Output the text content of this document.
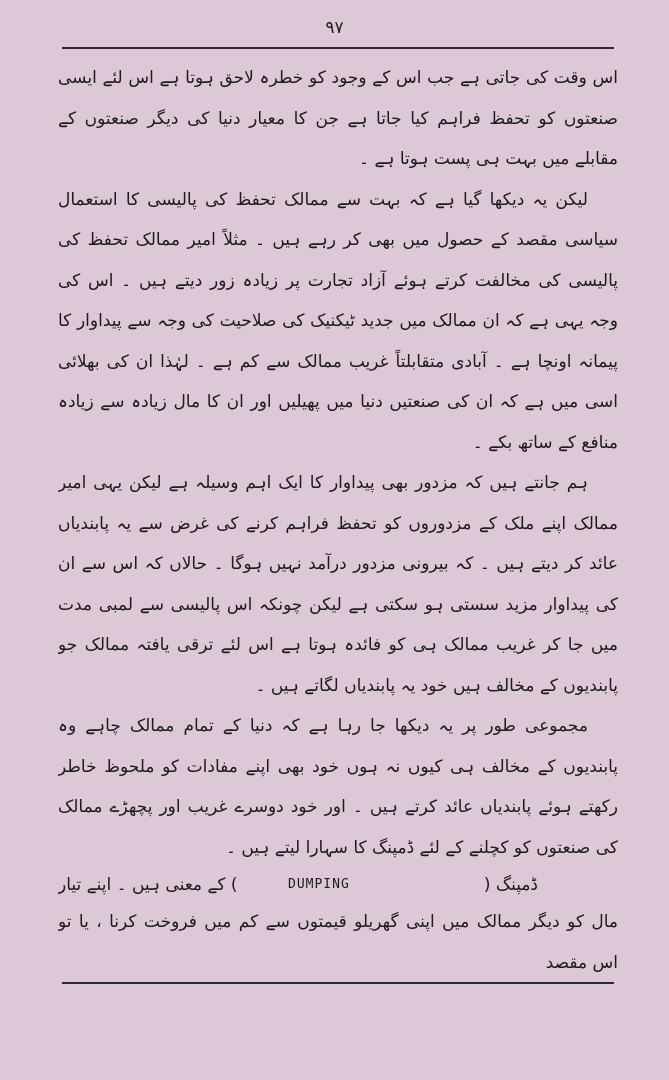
۹۷

اس وقت کی جاتی ہے جب اس کے وجود کو خطرہ لاحق ہوتا ہے اس لئے ایسی صنعتوں کو تحفظ فراہم کیا جاتا ہے جن کا معیار دنیا کی دیگر صنعتوں کے مقابلے میں بہت ہی پست ہوتا ہے ۔

لیکن یہ دیکھا گیا ہے کہ بہت سے ممالک تحفظ کی پالیسی کا استعمال سیاسی مقصد کے حصول میں بھی کر رہے ہیں ۔ مثلاً امیر ممالک تحفظ کی پالیسی کی مخالفت کرتے ہوئے آزاد تجارت پر زیادہ زور دیتے ہیں ۔ اس کی وجہ یہی ہے کہ ان ممالک میں جدید ٹیکنیک کی صلاحیت کی وجہ سے پیداوار کا پیمانہ اونچا ہے ۔ آبادی متقابلتاً غریب ممالک سے کم ہے ۔ لہٰذا ان کی بھلائی اسی میں ہے کہ ان کی صنعتیں دنیا میں پھیلیں اور ان کا مال زیادہ سے زیادہ منافع کے ساتھ بکے ۔

ہم جانتے ہیں کہ مزدور بھی پیداوار کا ایک اہم وسیلہ ہے لیکن یہی امیر ممالک اپنے ملک کے مزدوروں کو تحفظ فراہم کرنے کی غرض سے یہ پابندیاں عائد کر دیتے ہیں ۔ کہ بیرونی مزدور درآمد نہیں ہوگا ۔ حالاں کہ اس سے ان کی پیداوار مزید سستی ہو سکتی ہے لیکن چونکہ اس پالیسی سے لمبی مدت میں جا کر غریب ممالک ہی کو فائدہ ہوتا ہے اس لئے ترقی یافتہ ممالک جو پابندیوں کے مخالف ہیں خود یہ پابندیاں لگاتے ہیں ۔

مجموعی طور پر یہ دیکھا جا رہا ہے کہ دنیا کے تمام ممالک چاہے وہ پابندیوں کے مخالف ہی کیوں نہ ہوں خود بھی اپنے مفادات کو ملحوظ خاطر رکھتے ہوئے پابندیاں عائد کرتے ہیں ۔ اور خود دوسرے غریب اور پچھڑے ممالک کی صنعتوں کو کچلنے کے لئے ڈمپنگ کا سہارا لیتے ہیں ۔

ڈمپنگ (
DUMPING
) کے معنی ہیں ۔ اپنے تیار

مال کو دیگر ممالک میں اپنی گھریلو قیمتوں سے کم میں فروخت کرنا ، یا تو اس مقصد
